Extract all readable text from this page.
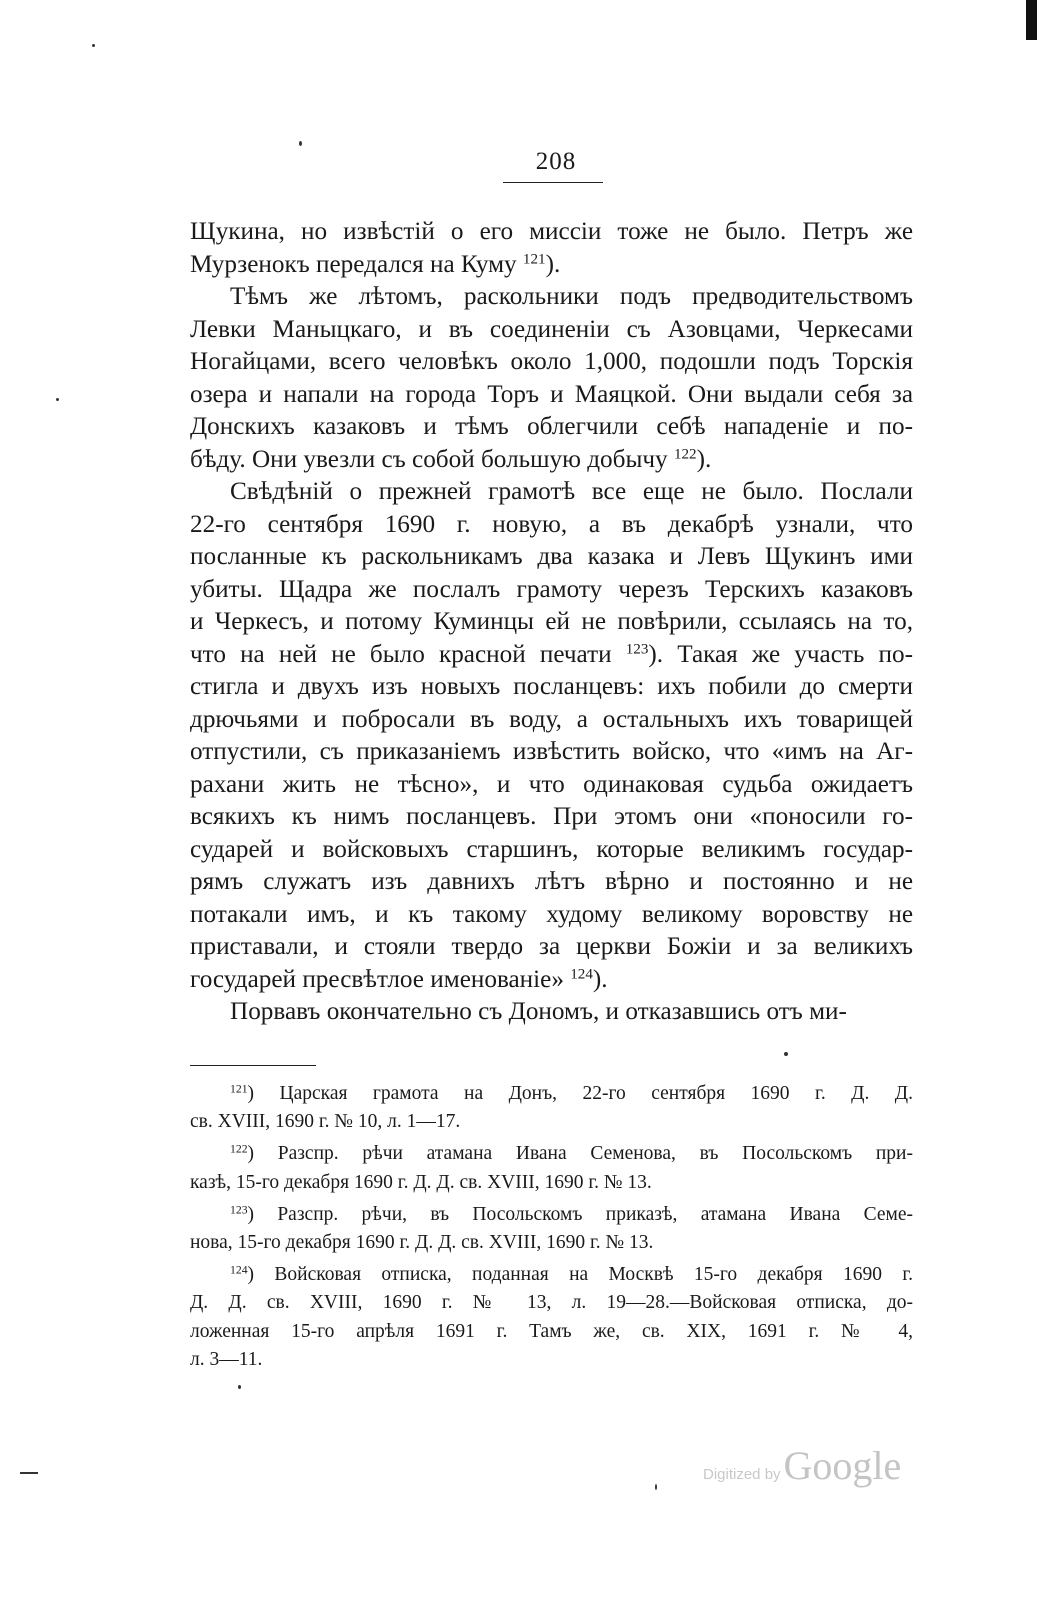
208
Щукина, но извѣстій о его миссіи тоже не было. Петръ же
Мурзенокъ передался на Куму $^{121}$).
Тѣмъ же лѣтомъ, раскольники подъ предводительствомъ
Левки Маныцкаго, и въ соединеніи съ Азовцами, Черкесами
Ногайцами, всего человѣкъ около 1,000, подошли подъ Торскія
озера и напали на города Торъ и Маяцкой. Они выдали себя за
Донскихъ казаковъ и тѣмъ облегчили себѣ нападеніе и по-
бѣду. Они увезли съ собой большую добычу $^{122}$).
Свѣдѣній о прежней грамотѣ все еще не было. Послали
22-го сентября 1690 г. новую, а въ декабрѣ узнали, что
посланные къ раскольникамъ два казака и Левъ Щукинъ ими
убиты. Щадра же послалъ грамоту черезъ Терскихъ казаковъ
и Черкесъ, и потому Куминцы ей не повѣрили, ссылаясь на то,
что на ней не было красной печати $^{123}$). Такая же участь по-
стигла и двухъ изъ новыхъ посланцевъ: ихъ побили до смерти
дрючьями и побросали въ воду, а остальныхъ ихъ товарищей
отпустили, съ приказаніемъ извѣстить войско, что «имъ на Аг-
рахани жить не тѣсно», и что одинаковая судьба ожидаетъ
всякихъ къ нимъ посланцевъ. При этомъ они «поносили го-
сударей и войсковыхъ старшинъ, которые великимъ государ-
рямъ служатъ изъ давнихъ лѣтъ вѣрно и постоянно и не
потакали имъ, и къ такому худому великому воровству не
приставали, и стояли твердо за церкви Божіи и за великихъ
государей пресвѣтлое именованіе» $^{124}$).
Порвавъ окончательно съ Дономъ, и отказавшись отъ ми-
$^{121}$) Царская грамота на Донъ, 22-го сентября 1690 г. Д. Д.
св. XVIII, 1690 г. № 10, л. 1—17.
$^{122}$) Разспр. рѣчи атамана Ивана Семенова, въ Посольскомъ при-
казѣ, 15-го декабря 1690 г. Д. Д. св. XVIII, 1690 г. № 13.
$^{123}$) Разспр. рѣчи, въ Посольскомъ приказѣ, атамана Ивана Семе-
нова, 15-го декабря 1690 г. Д. Д. св. XVIII, 1690 г. № 13.
$^{124}$) Войсковая отписка, поданная на Москвѣ 15-го декабря 1690 г.
Д. Д. св. XVIII, 1690 г. № 13, л. 19—28.—Войсковая отписка, до-
ложенная 15-го апрѣля 1691 г. Тамъ же, св. XIX, 1691 г. № 4,
л. 3—11.
Digitized by Google
